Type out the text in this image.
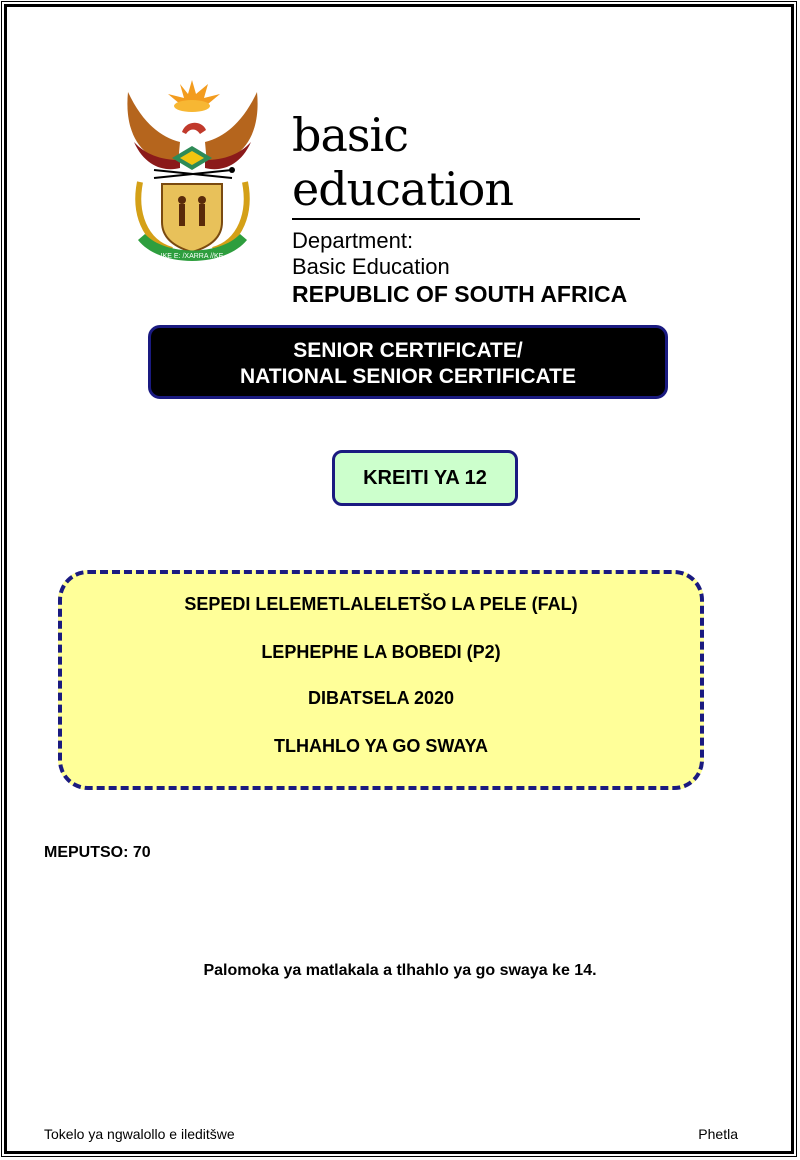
!KE E: /XARRA //KE
basic education
Department:
Basic Education
REPUBLIC OF SOUTH AFRICA
SENIOR CERTIFICATE/
NATIONAL SENIOR CERTIFICATE
KREITI YA 12
SEPEDI LELEMETLALELETŠO LA PELE (FAL)
LEPHEPHE LA BOBEDI (P2)
DIBATSELA 2020
TLHAHLO YA GO SWAYA
MEPUTSO: 70
Palomoka ya matlakala a tlhahlo ya go swaya ke 14.
Tokelo ya ngwalollo e ileditšwe	Phetla
